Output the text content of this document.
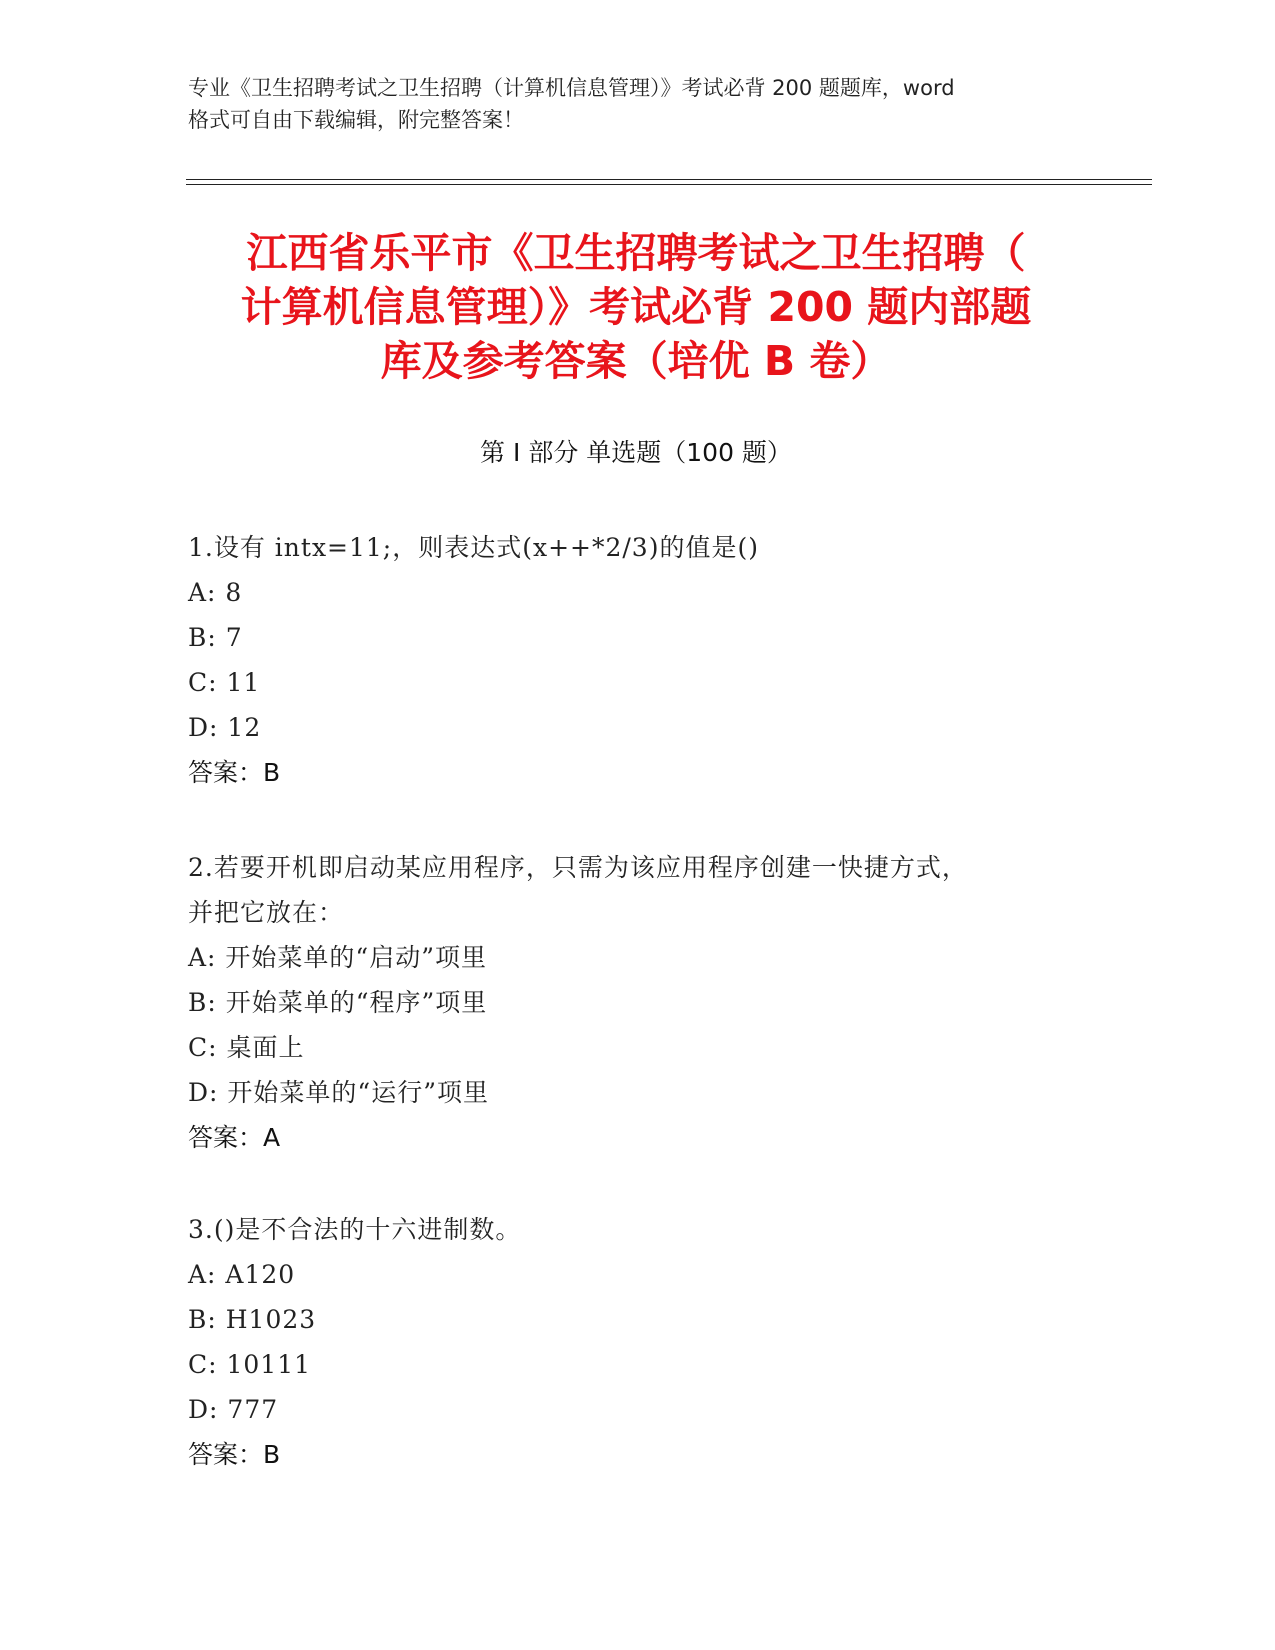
专业《卫生招聘考试之卫生招聘（计算机信息管理）》考试必背 200 题题库，word
格式可自由下载编辑，附完整答案！
江西省乐平市《卫生招聘考试之卫生招聘（
计算机信息管理）》考试必背 200 题内部题
库及参考答案（培优 B 卷）
第 I 部分 单选题（100 题）
1.设有 intx=11;，则表达式(x++*2/3)的值是()
A: 8
B: 7
C: 11
D: 12
答案：B
2.若要开机即启动某应用程序，只需为该应用程序创建一快捷方式，
并把它放在：
A: 开始菜单的“启动”项里
B: 开始菜单的“程序”项里
C: 桌面上
D: 开始菜单的“运行”项里
答案：A
3.()是不合法的十六进制数。
A: A120
B: H1023
C: 10111
D: 777
答案：B
